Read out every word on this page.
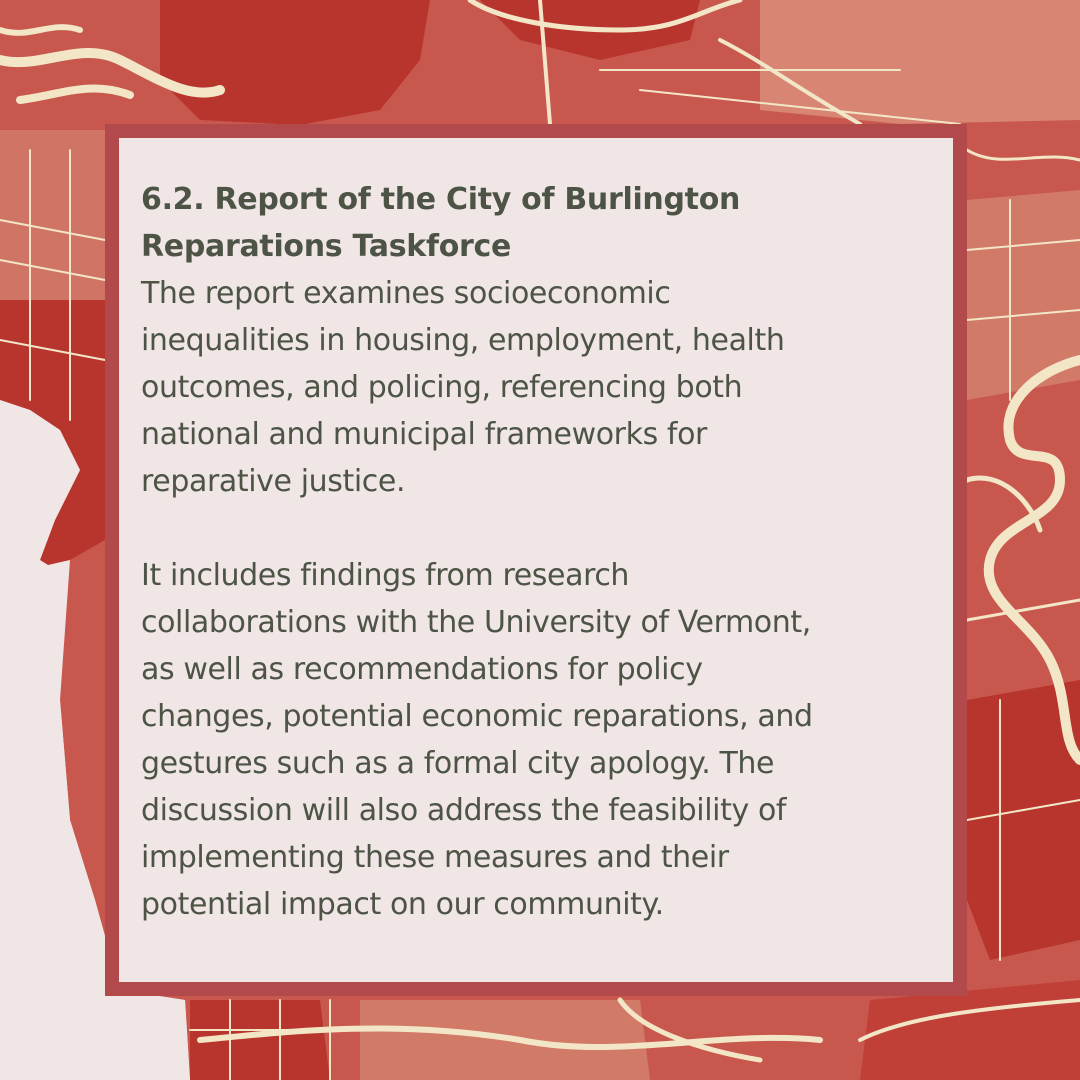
6.2. Report of the City of Burlington
Reparations Taskforce
The report examines socioeconomic
inequalities in housing, employment, health
outcomes, and policing, referencing both
national and municipal frameworks for
reparative justice.
It includes findings from research
collaborations with the University of Vermont,
as well as recommendations for policy
changes, potential economic reparations, and
gestures such as a formal city apology. The
discussion will also address the feasibility of
implementing these measures and their
potential impact on our community.
